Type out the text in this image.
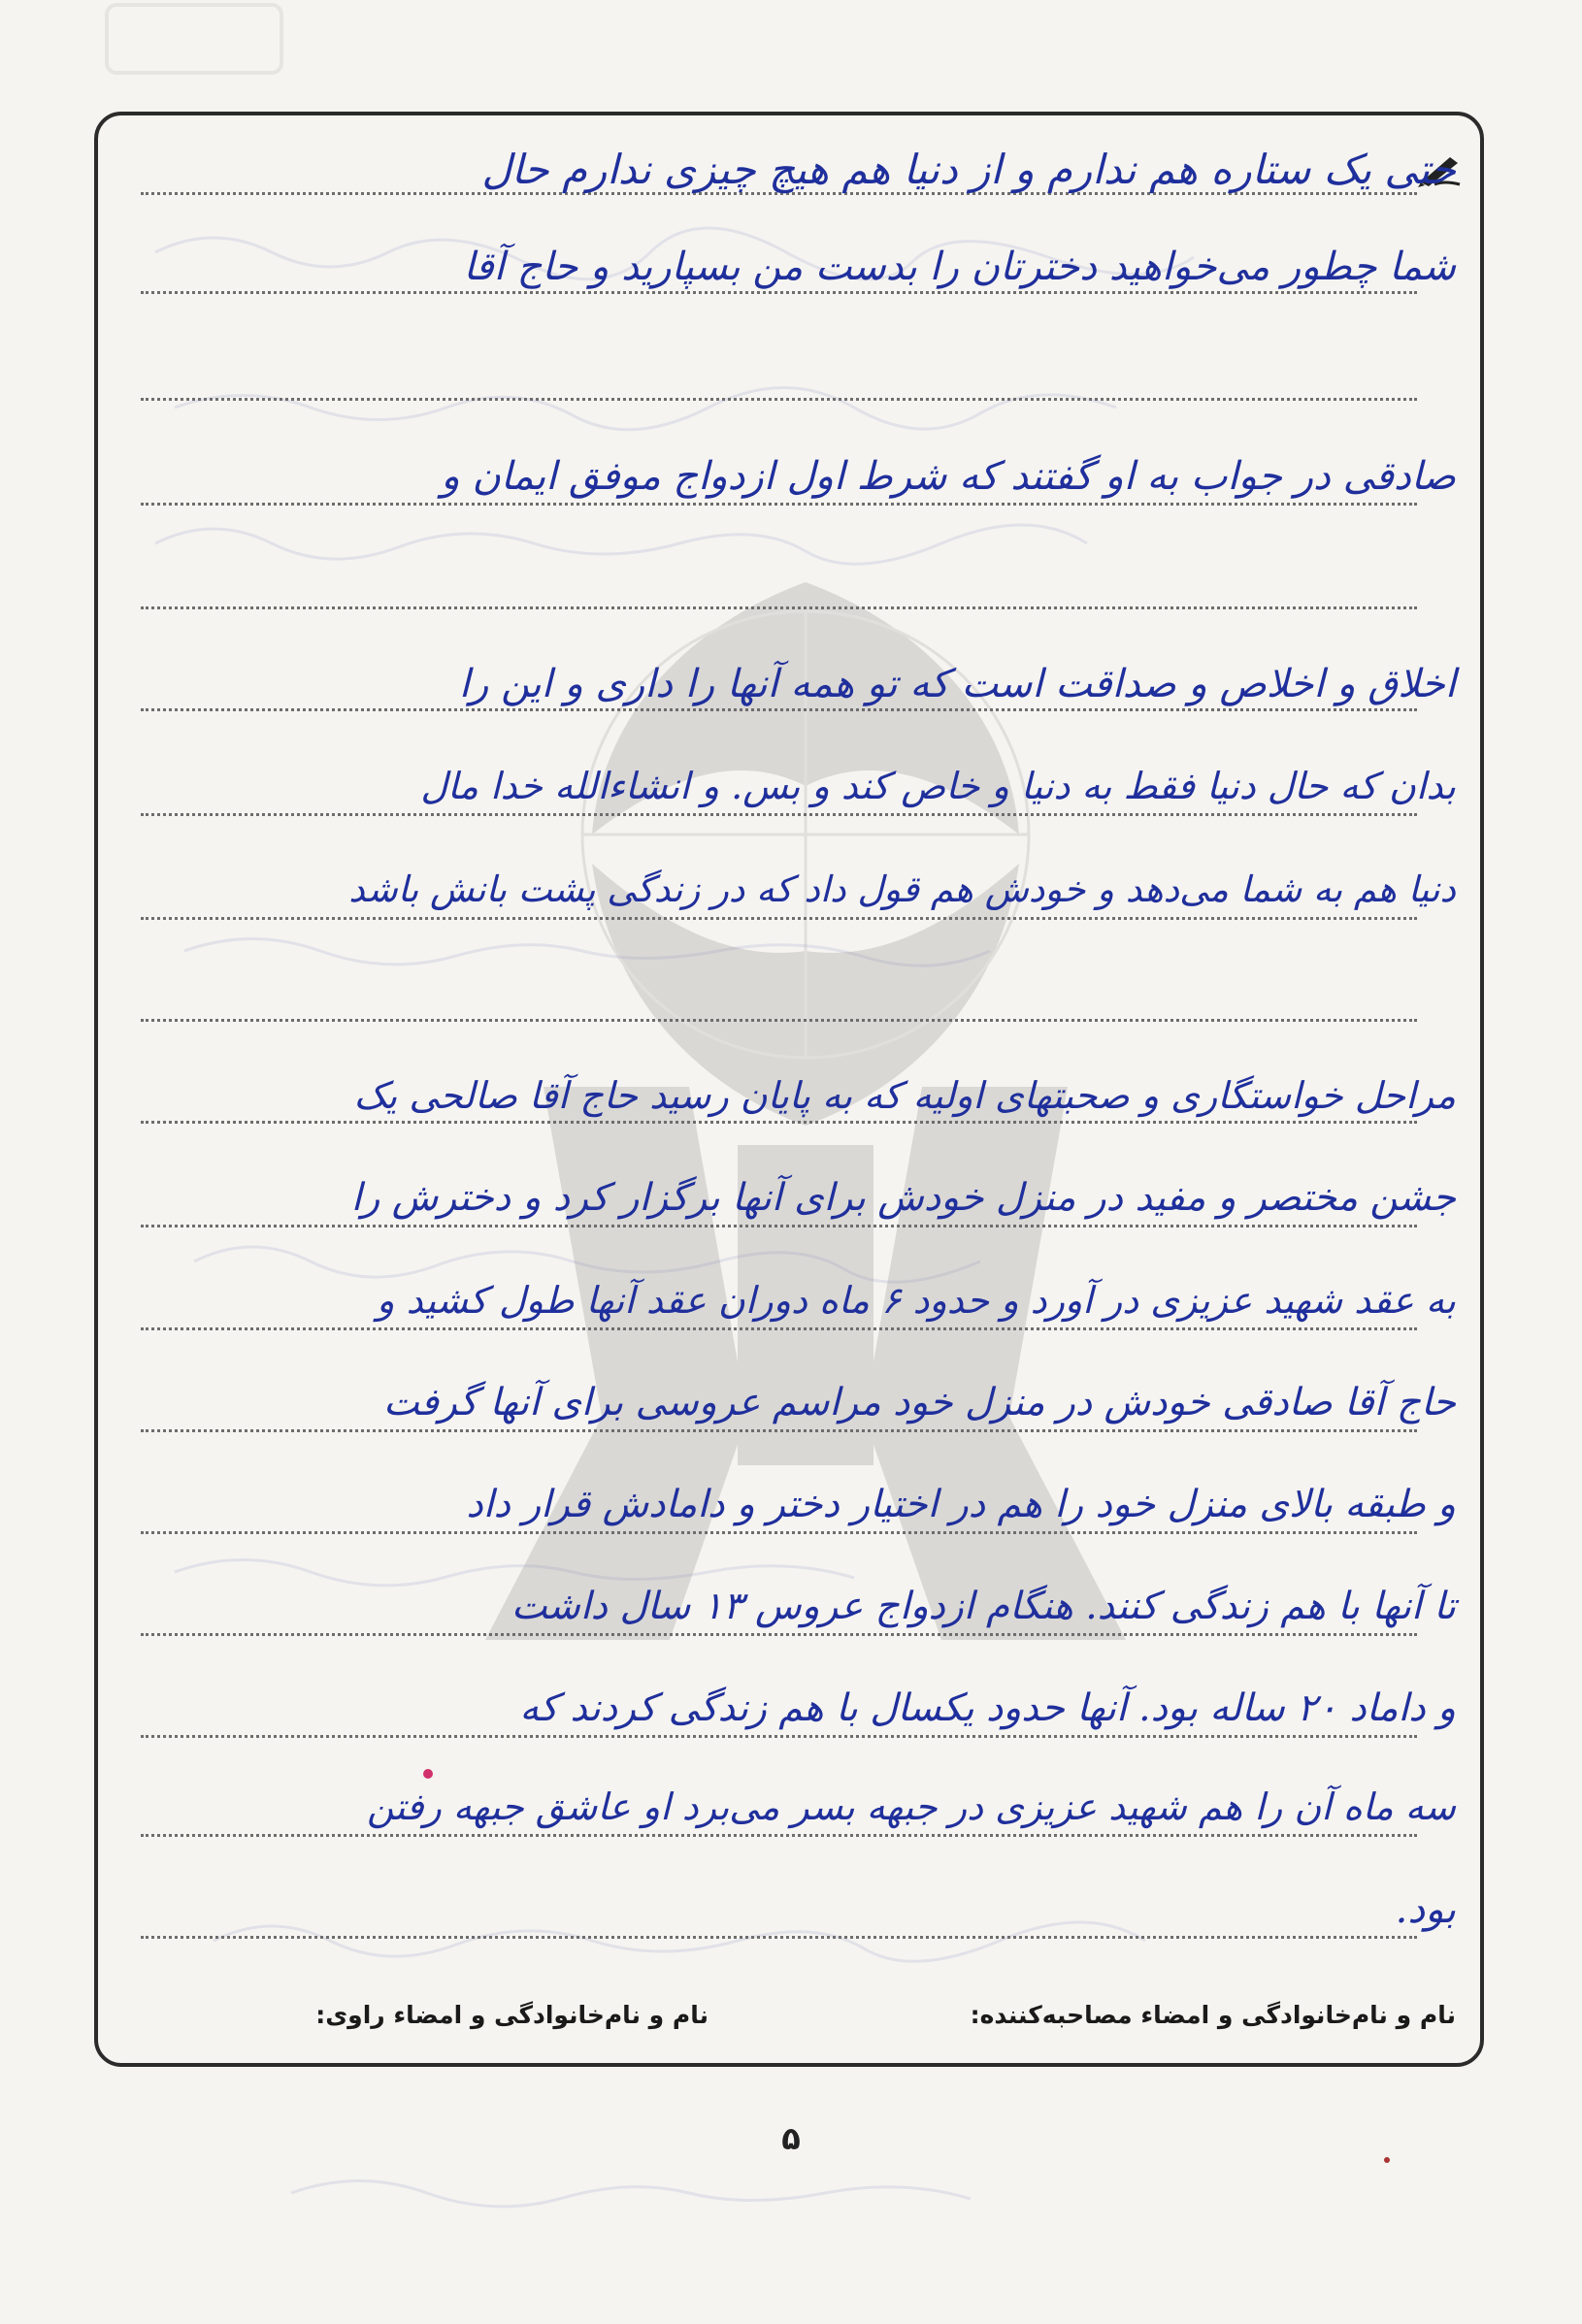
حتی یک ستاره هم ندارم و از دنیا هم هیچ چیزی ندارم حال
شما چطور می‌خواهید دخترتان را بدست من بسپارید و حاج آقا
صادقی در جواب به او گفتند که شرط اول ازدواج موفق ایمان و
اخلاق و اخلاص و صداقت است که تو همه آنها را داری و این را
بدان که حال دنیا فقط به دنیا و خاص کند و بس. و انشاءالله خدا مال
دنیا هم به شما می‌دهد و خودش هم قول داد که در زندگی پشت بانش باشد
مراحل خواستگاری و صحبتهای اولیه که به پایان رسید حاج آقا صالحی یک
جشن مختصر و مفید در منزل خودش برای آنها برگزار کرد و دخترش را
به عقد شهید عزیزی در آورد و حدود ۶ ماه دوران عقد آنها طول کشید و
حاج آقا صادقی خودش در منزل خود مراسم عروسی برای آنها گرفت
و طبقه بالای منزل خود را هم در اختیار دختر و دامادش قرار داد
تا آنها با هم زندگی کنند. هنگام ازدواج عروس ۱۳ سال داشت
و داماد ۲۰ ساله بود. آنها حدود یکسال با هم زندگی کردند که
سه ماه آن را هم شهید عزیزی در جبهه بسر می‌برد او عاشق جبهه رفتن
بود.
نام و نام‌خانوادگی و امضاء مصاحبه‌کننده:
نام و نام‌خانوادگی و امضاء راوی:
۵
